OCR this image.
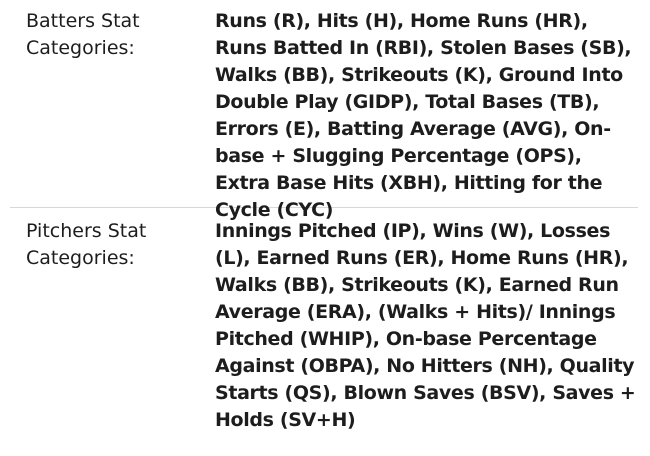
Batters Stat
Categories:
Runs (R), Hits (H), Home Runs (HR), Runs Batted In (RBI), Stolen Bases (SB), Walks (BB), Strikeouts (K), Ground Into Double Play (GIDP), Total Bases (TB), Errors (E), Batting Average (AVG), On-base + Slugging Percentage (OPS), Extra Base Hits (XBH), Hitting for the Cycle (CYC)
Pitchers Stat
Categories:
Innings Pitched (IP), Wins (W), Losses (L), Earned Runs (ER), Home Runs (HR), Walks (BB), Strikeouts (K), Earned Run Average (ERA), (Walks + Hits)/ Innings Pitched (WHIP), On-base Percentage Against (OBPA), No Hitters (NH), Quality Starts (QS), Blown Saves (BSV), Saves + Holds (SV+H)
